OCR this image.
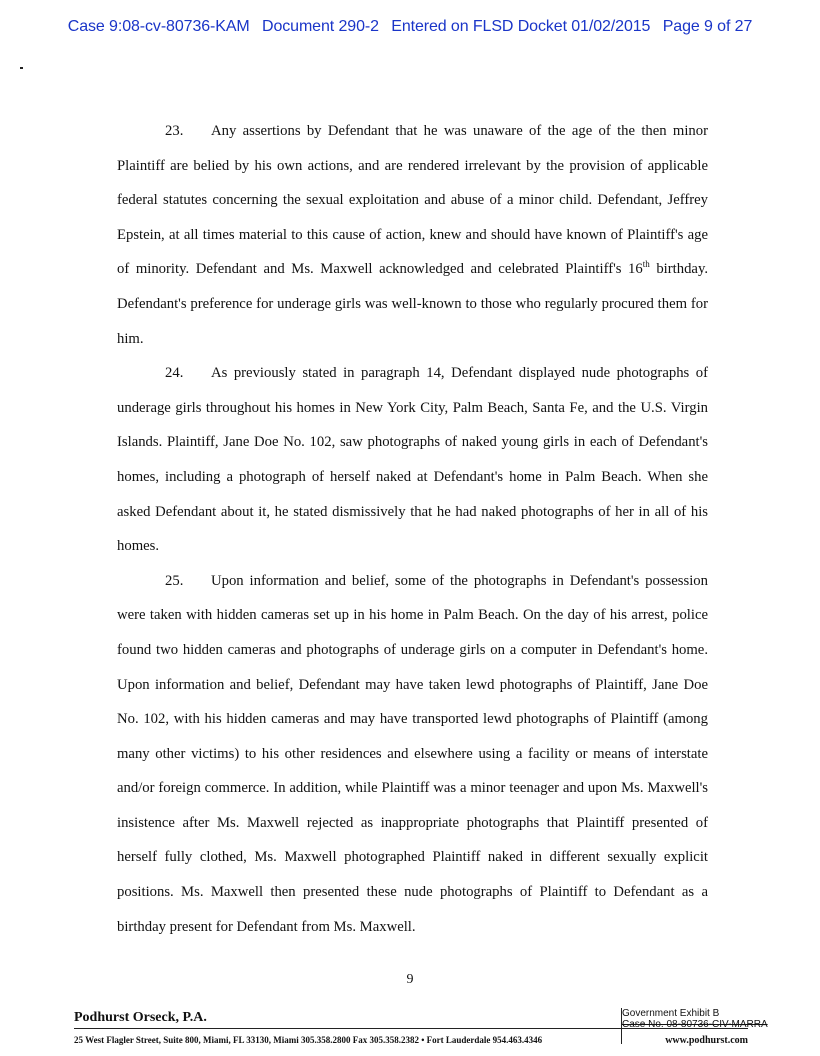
Case 9:08-cv-80736-KAM Document 290-2 Entered on FLSD Docket 01/02/2015 Page 9 of 27

23. Any assertions by Defendant that he was unaware of the age of the then minor Plaintiff are belied by his own actions, and are rendered irrelevant by the provision of applicable federal statutes concerning the sexual exploitation and abuse of a minor child. Defendant, Jeffrey Epstein, at all times material to this cause of action, knew and should have known of Plaintiff's age of minority. Defendant and Ms. Maxwell acknowledged and celebrated Plaintiff's 16th birthday. Defendant's preference for underage girls was well-known to those who regularly procured them for him.

24. As previously stated in paragraph 14, Defendant displayed nude photographs of underage girls throughout his homes in New York City, Palm Beach, Santa Fe, and the U.S. Virgin Islands. Plaintiff, Jane Doe No. 102, saw photographs of naked young girls in each of Defendant's homes, including a photograph of herself naked at Defendant's home in Palm Beach. When she asked Defendant about it, he stated dismissively that he had naked photographs of her in all of his homes.

25. Upon information and belief, some of the photographs in Defendant's possession were taken with hidden cameras set up in his home in Palm Beach. On the day of his arrest, police found two hidden cameras and photographs of underage girls on a computer in Defendant's home. Upon information and belief, Defendant may have taken lewd photographs of Plaintiff, Jane Doe No. 102, with his hidden cameras and may have transported lewd photographs of Plaintiff (among many other victims) to his other residences and elsewhere using a facility or means of interstate and/or foreign commerce. In addition, while Plaintiff was a minor teenager and upon Ms. Maxwell's insistence after Ms. Maxwell rejected as inappropriate photographs that Plaintiff presented of herself fully clothed, Ms. Maxwell photographed Plaintiff naked in different sexually explicit positions. Ms. Maxwell then presented these nude photographs of Plaintiff to Defendant as a birthday present for Defendant from Ms. Maxwell.

9
Podhurst Orseck, P.A.
25 West Flagler Street, Suite 800, Miami, FL 33130, Miami 305.358.2800 Fax 305.358.2382 • Fort Lauderdale 954.463.4346	www.podhurst.com
Government Exhibit B
Case No. 08-80736-CIV-MARRA
